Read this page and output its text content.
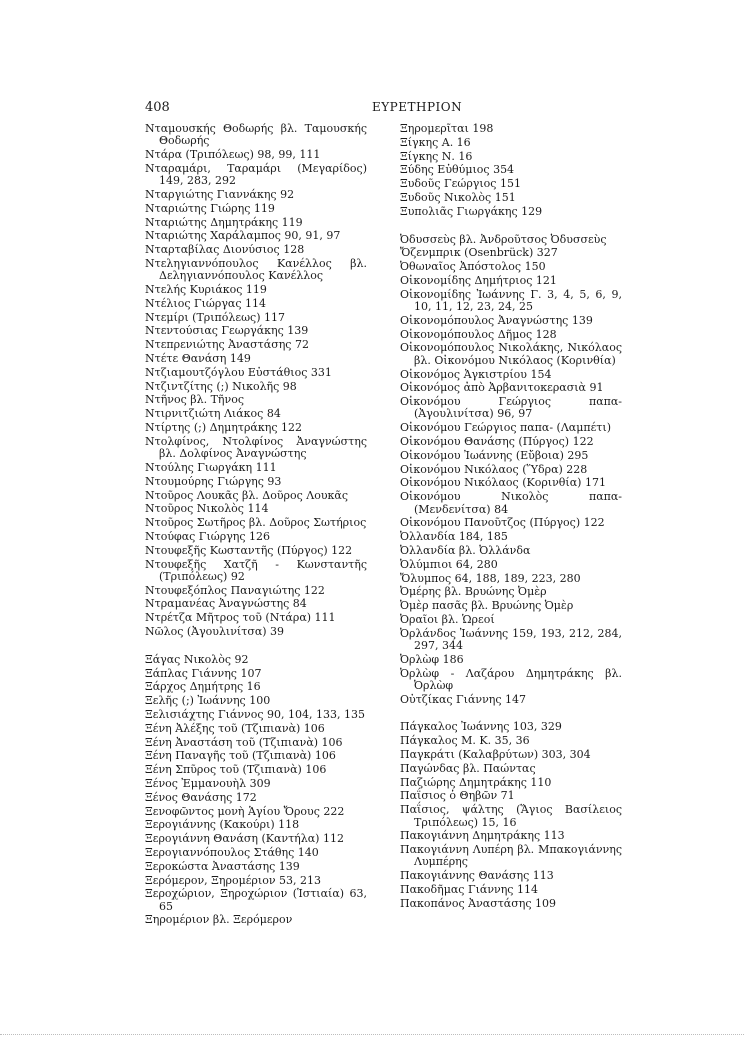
408	ΕΥΡΕΤΗΡΙΟΝ
Νταμουσκής Θοδωρής βλ. Ταμουσκής Θοδωρής
Ντάρα (Τριπόλεως) 98, 99, 111
Νταραμάρι, Ταραμάρι (Μεγαρίδος) 149, 283, 292
Νταργιώτης Γιαννάκης 92
Νταριώτης Γιώρης 119
Νταριώτης Δημητράκης 119
Νταριώτης Χαράλαμπος 90, 91, 97
Νταρταβίλας Διονύσιος 128
Ντεληγιαννόπουλος Κανέλλος βλ. Δεληγιαννόπουλος Κανέλλος
Ντελής Κυριάκος 119
Ντέλιος Γιώργας 114
Ντεμίρι (Τριπόλεως) 117
Ντεντούσιας Γεωργάκης 139
Ντεπρενιώτης Ἀναστάσης 72
Ντέτε Θανάση 149
Ντζιαμουτζόγλου Εὐστάθιος 331
Ντζιντζίτης (;) Νικολῆς 98
Ντῆνος βλ. Τῆνος
Ντιρνιτζιώτη Λιάκος 84
Ντίρτης (;) Δημητράκης 122
Ντολφίνος, Ντολφίνος Ἀναγνώστης βλ. Δολφίνος Ἀναγνώστης
Ντούλης Γιωργάκη 111
Ντουμούρης Γιώργης 93
Ντοῦρος Λουκᾶς βλ. Δοῦρος Λουκᾶς
Ντοῦρος Νικολὸς 114
Ντοῦρος Σωτῆρος βλ. Δοῦρος Σωτήριος
Ντούφας Γιώργης 126
Ντουφεξῆς Κωσταντῆς (Πύργος) 122
Ντουφεξῆς Χατζῆ - Κωνσταντῆς (Τριπόλεως) 92
Ντουφεξόπλος Παναγιώτης 122
Ντραμανέας Ἀναγνώστης 84
Ντρέτζα Μῆτρος τοῦ (Ντάρα) 111
Νῶλος (Ἀγουλινίτσα) 39
Ξάγας Νικολὸς 92
Ξάπλας Γιάννης 107
Ξάρχος Δημήτρης 16
Ξελῆς (;) Ἰωάννης 100
Ξελισιάχτης Γιάννος 90, 104, 133, 135
Ξένη Ἀλέξης τοῦ (Τζιπιανὰ) 106
Ξένη Ἀναστάση τοῦ (Τζιπιανὰ) 106
Ξένη Παναγῆς τοῦ (Τζιπιανὰ) 106
Ξένη Σπῦρος τοῦ (Τζιπιανὰ) 106
Ξένος Ἐμμανουὴλ 309
Ξένος Θανάσης 172
Ξενοφῶντος μονὴ Ἁγίου Ὄρους 222
Ξερογιάννης (Κακούρι) 118
Ξερογιάννη Θανάση (Καντήλα) 112
Ξερογιαννόπουλος Στάθης 140
Ξεροκώστα Ἀναστάσης 139
Ξερόμερον, Ξηρομέριον 53, 213
Ξεροχώριον, Ξηροχώριον (Ἱστιαία) 63, 65
Ξηρομέριον βλ. Ξερόμερον
Ξηρομερῖται 198
Ξίγκης Α. 16
Ξίγκης Ν. 16
Ξύδης Εὐθύμιος 354
Ξυδοῦς Γεώργιος 151
Ξυδοῦς Νικολὸς 151
Ξυπολιᾶς Γιωργάκης 129
Ὀδυσσεὺς βλ. Ἀνδροῦτσος Ὀδυσσεὺς
Ὄζενμπρικ (Osenbrück) 327
Ὀθωναῖος Ἀπόστολος 150
Οἰκονομίδης Δημήτριος 121
Οἰκονομίδης Ἰωάννης Γ. 3, 4, 5, 6, 9, 10, 11, 12, 23, 24, 25
Οἰκονομόπουλος Ἀναγνώστης 139
Οἰκονομόπουλος Δῆμος 128
Οἰκονομόπουλος Νικολάκης, Νικόλαος βλ. Οἰκονόμου Νικόλαος (Κορινθία)
Οἰκονόμος Ἀγκιστρίου 154
Οἰκονόμος ἀπὸ Ἀρβανιτοκερασιὰ 91
Οἰκονόμου Γεώργιος παπα- (Ἀγουλινίτσα) 96, 97
Οἰκονόμου Γεώργιος παπα- (Λαμπέτι)
Οἰκονόμου Θανάσης (Πύργος) 122
Οἰκονόμου Ἰωάννης (Εὔβοια) 295
Οἰκονόμου Νικόλαος (Ὕδρα) 228
Οἰκονόμου Νικόλαος (Κορινθία) 171
Οἰκονόμου Νικολὸς παπα- (Μενδενίτσα) 84
Οἰκονόμου Πανοῦτζος (Πύργος) 122
Ὀλλανδία 184, 185
Ὀλλανδία βλ. Ὀλλάνδα
Ὀλύμπιοι 64, 280
Ὄλυμπος 64, 188, 189, 223, 280
Ὀμέρης βλ. Βρυώνης Ὀμὲρ
Ὀμὲρ πασᾶς βλ. Βρυώνης Ὀμὲρ
Ὀραῖοι βλ. Ὡρεοί
Ὀρλάνδος Ἰωάννης 159, 193, 212, 284, 297, 344
Ὀρλὼφ 186
Ὀρλὼφ - Λαζάρου Δημητράκης βλ. Ὀρλὼφ
Οὐτζίκας Γιάννης 147
Πάγκαλος Ἰωάννης 103, 329
Πάγκαλος Μ. Κ. 35, 36
Παγκράτι (Καλαβρύτων) 303, 304
Παγώνδας βλ. Παώντας
Παζιώρης Δημητράκης 110
Παΐσιος ὁ Θηβῶν 71
Παΐσιος, ψάλτης (Ἅγιος Βασίλειος Τριπόλεως) 15, 16
Πακογιάννη Δημητράκης 113
Πακογιάννη Λυπέρη βλ. Μπακογιάννης Λυμπέρης
Πακογιάννης Θανάσης 113
Πακοδῆμας Γιάννης 114
Πακοπάνος Ἀναστάσης 109
